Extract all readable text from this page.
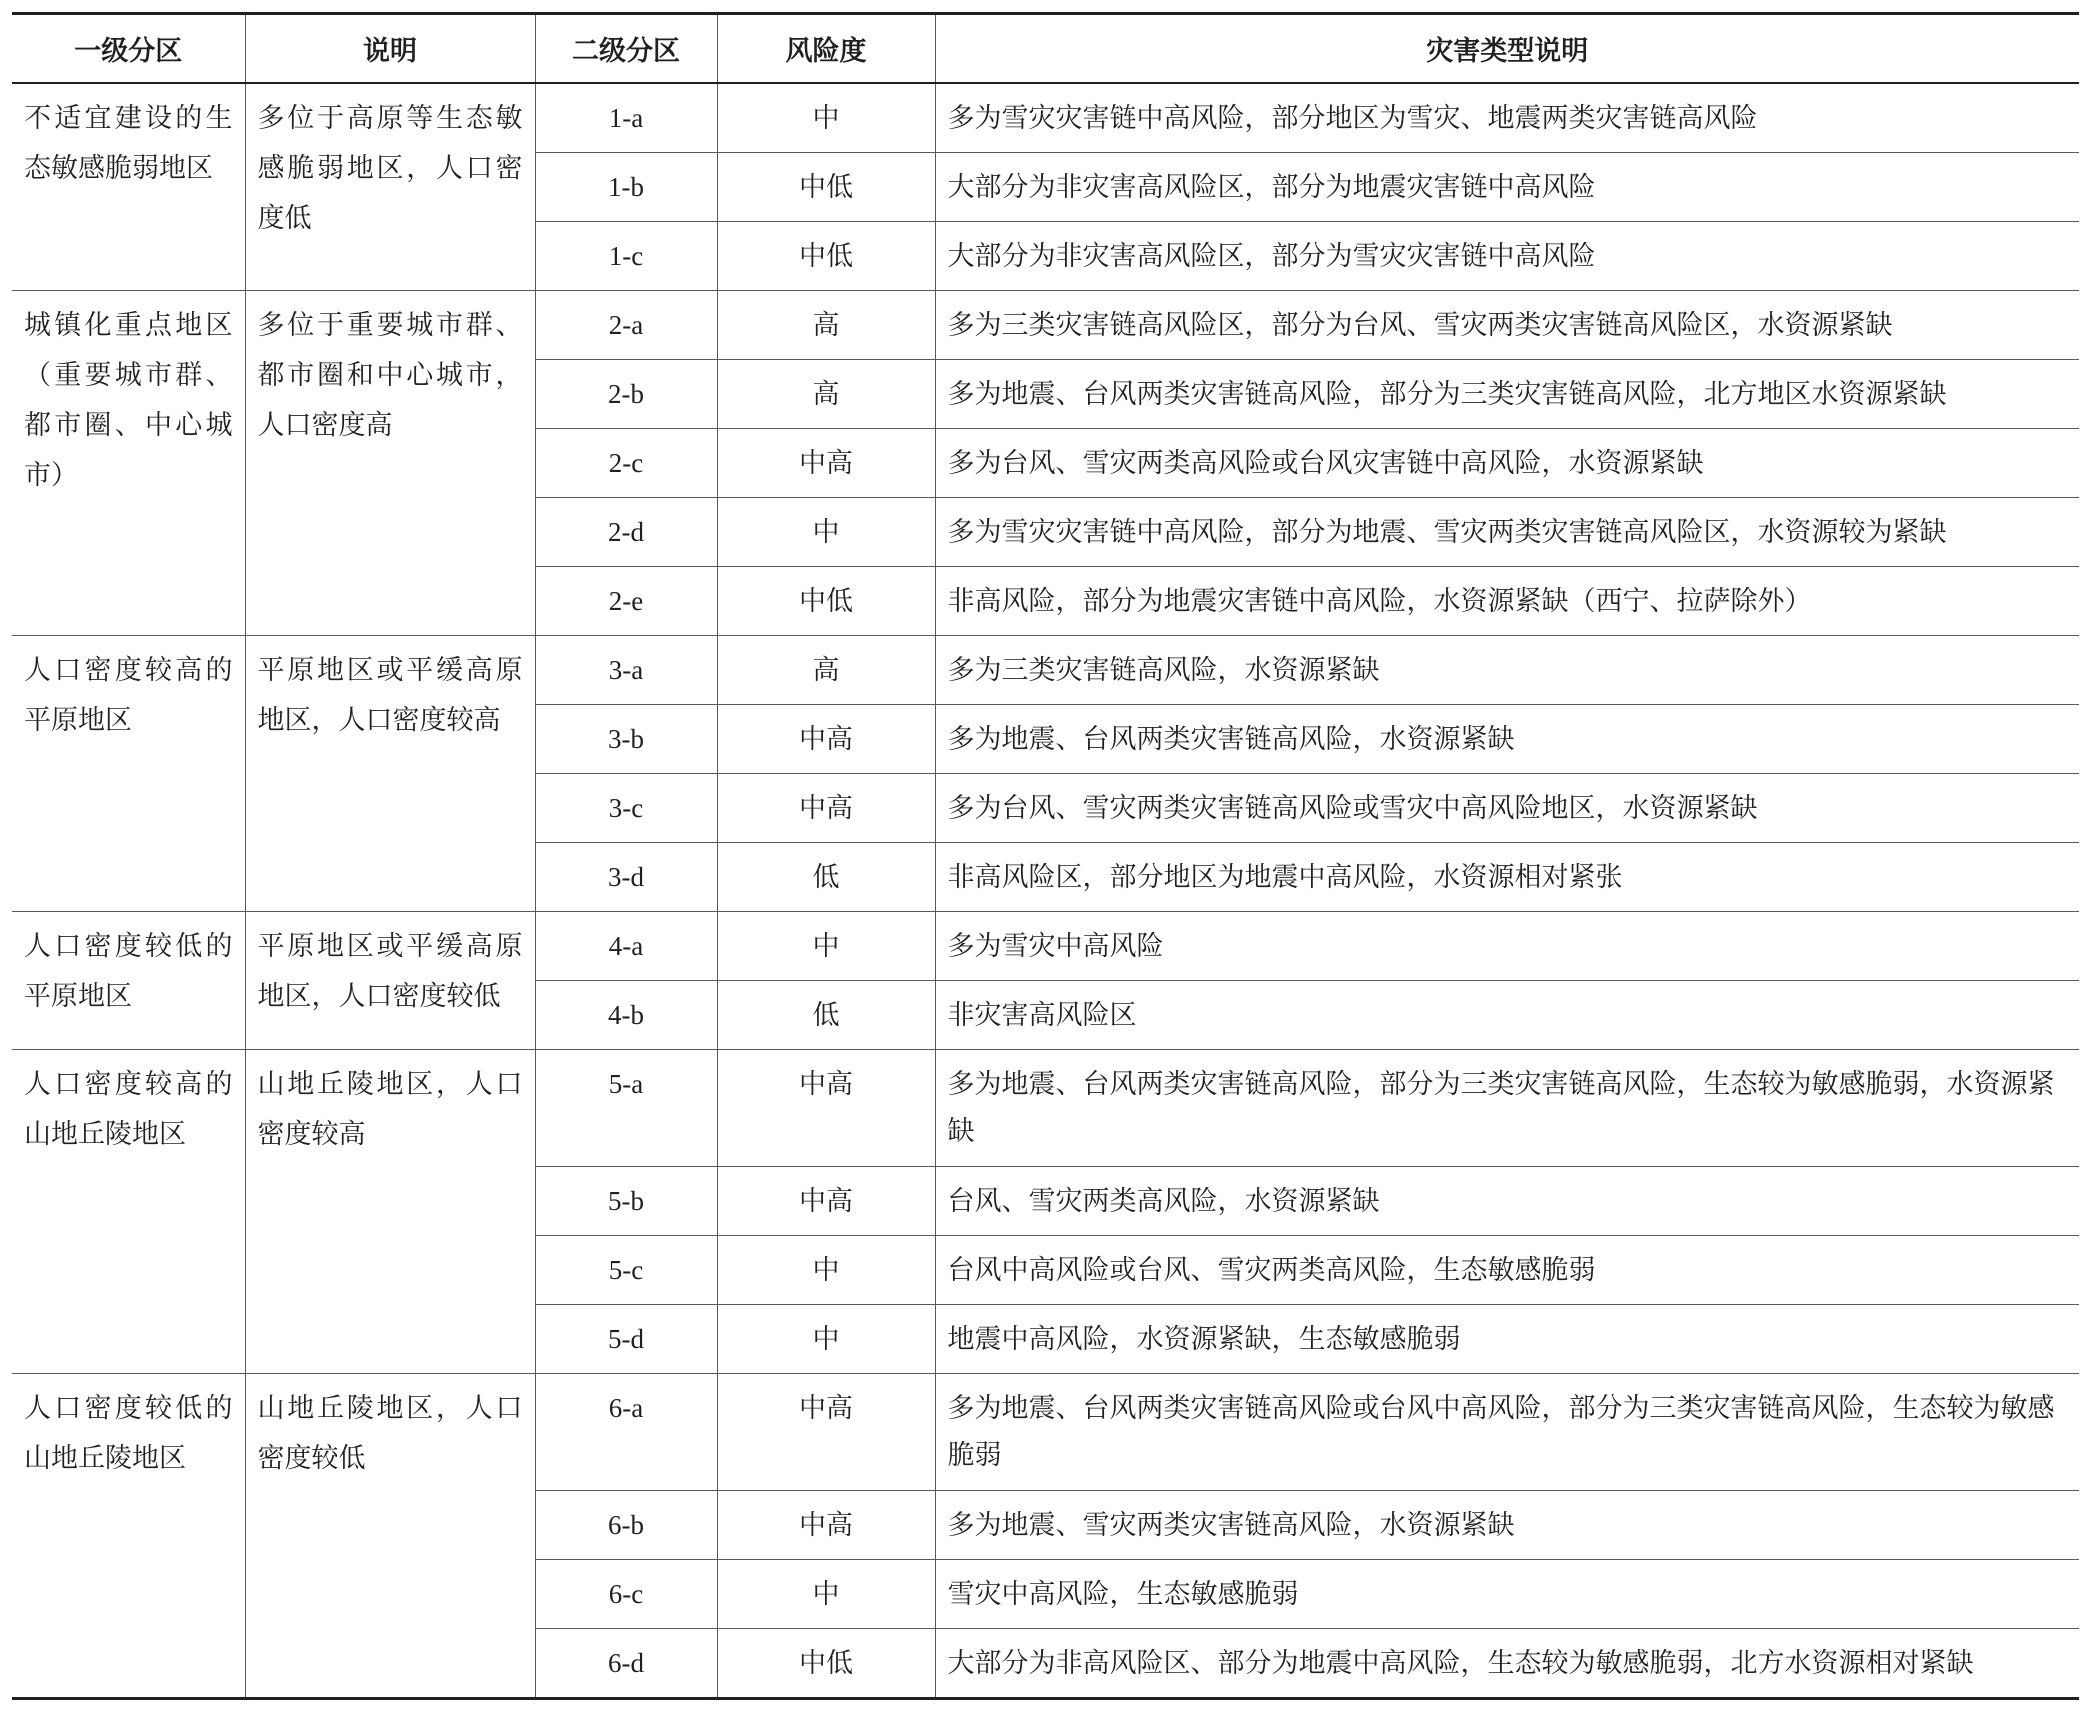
一级分区	说明	二级分区	风险度	灾害类型说明
不适宜建设的生态敏感脆弱地区	多位于高原等生态敏感脆弱地区，人口密度低	1-a	中	多为雪灾灾害链中高风险，部分地区为雪灾、地震两类灾害链高风险
		1-b	中低	大部分为非灾害高风险区，部分为地震灾害链中高风险
		1-c	中低	大部分为非灾害高风险区，部分为雪灾灾害链中高风险
城镇化重点地区（重要城市群、都市圈、中心城市）	多位于重要城市群、都市圈和中心城市，人口密度高	2-a	高	多为三类灾害链高风险区，部分为台风、雪灾两类灾害链高风险区，水资源紧缺
		2-b	高	多为地震、台风两类灾害链高风险，部分为三类灾害链高风险，北方地区水资源紧缺
		2-c	中高	多为台风、雪灾两类高风险或台风灾害链中高风险，水资源紧缺
		2-d	中	多为雪灾灾害链中高风险，部分为地震、雪灾两类灾害链高风险区，水资源较为紧缺
		2-e	中低	非高风险，部分为地震灾害链中高风险，水资源紧缺（西宁、拉萨除外）
人口密度较高的平原地区	平原地区或平缓高原地区，人口密度较高	3-a	高	多为三类灾害链高风险，水资源紧缺
		3-b	中高	多为地震、台风两类灾害链高风险，水资源紧缺
		3-c	中高	多为台风、雪灾两类灾害链高风险或雪灾中高风险地区，水资源紧缺
		3-d	低	非高风险区，部分地区为地震中高风险，水资源相对紧张
人口密度较低的平原地区	平原地区或平缓高原地区，人口密度较低	4-a	中	多为雪灾中高风险
		4-b	低	非灾害高风险区
人口密度较高的山地丘陵地区	山地丘陵地区，人口密度较高	5-a	中高	多为地震、台风两类灾害链高风险，部分为三类灾害链高风险，生态较为敏感脆弱，水资源紧缺
		5-b	中高	台风、雪灾两类高风险，水资源紧缺
		5-c	中	台风中高风险或台风、雪灾两类高风险，生态敏感脆弱
		5-d	中	地震中高风险，水资源紧缺，生态敏感脆弱
人口密度较低的山地丘陵地区	山地丘陵地区，人口密度较低	6-a	中高	多为地震、台风两类灾害链高风险或台风中高风险，部分为三类灾害链高风险，生态较为敏感脆弱
		6-b	中高	多为地震、雪灾两类灾害链高风险，水资源紧缺
		6-c	中	雪灾中高风险，生态敏感脆弱
		6-d	中低	大部分为非高风险区、部分为地震中高风险，生态较为敏感脆弱，北方水资源相对紧缺
